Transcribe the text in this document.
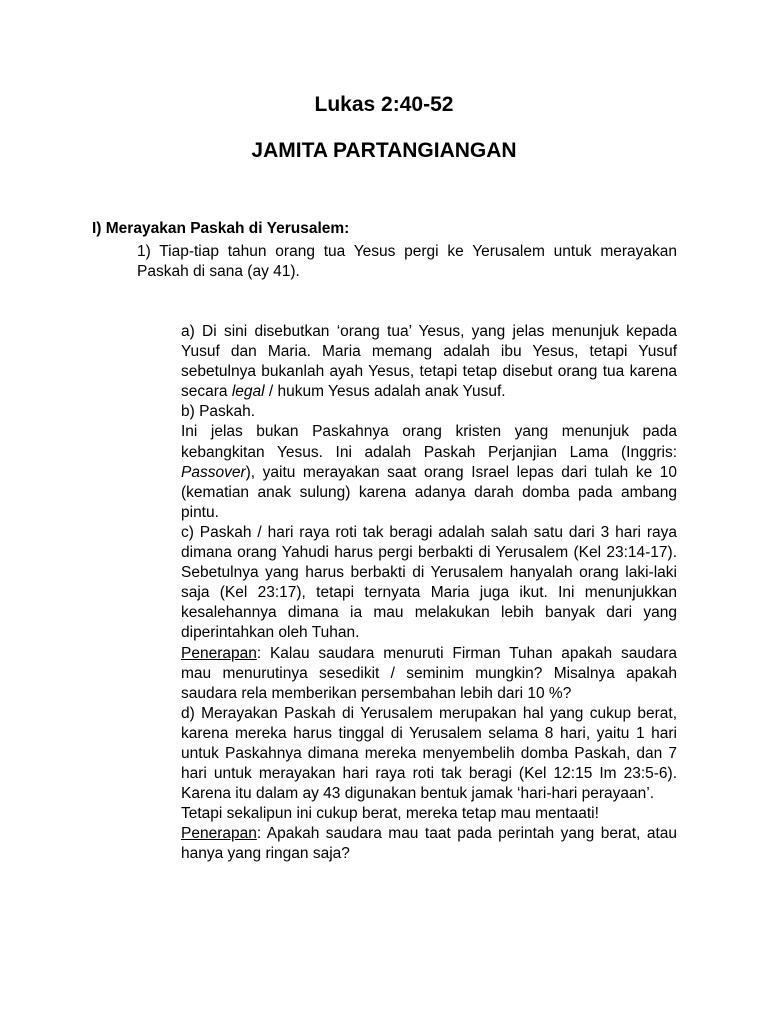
Lukas 2:40-52
JAMITA PARTANGIANGAN
I) Merayakan Paskah di Yerusalem:

1) Tiap-tiap tahun orang tua Yesus pergi ke Yerusalem untuk merayakan Paskah di sana (ay 41).

a) Di sini disebutkan ‘orang tua’ Yesus, yang jelas menunjuk kepada Yusuf dan Maria. Maria memang adalah ibu Yesus, tetapi Yusuf sebetulnya bukanlah ayah Yesus, tetapi tetap disebut orang tua karena secara legal / hukum Yesus adalah anak Yusuf.

b) Paskah.

Ini jelas bukan Paskahnya orang kristen yang menunjuk pada kebangkitan Yesus. Ini adalah Paskah Perjanjian Lama (Inggris: Passover), yaitu merayakan saat orang Israel lepas dari tulah ke 10 (kematian anak sulung) karena adanya darah domba pada ambang pintu.

c) Paskah / hari raya roti tak beragi adalah salah satu dari 3 hari raya dimana orang Yahudi harus pergi berbakti di Yerusalem (Kel 23:14-17). Sebetulnya yang harus berbakti di Yerusalem hanyalah orang laki-laki saja (Kel 23:17), tetapi ternyata Maria juga ikut. Ini menunjukkan kesalehannya dimana ia mau melakukan lebih banyak dari yang diperintahkan oleh Tuhan.

Penerapan: Kalau saudara menuruti Firman Tuhan apakah saudara mau menurutinya sesedikit / seminim mungkin? Misalnya apakah saudara rela memberikan persembahan lebih dari 10 %?

d) Merayakan Paskah di Yerusalem merupakan hal yang cukup berat, karena mereka harus tinggal di Yerusalem selama 8 hari, yaitu 1 hari untuk Paskahnya dimana mereka menyembelih domba Paskah, dan 7 hari untuk merayakan hari raya roti tak beragi (Kel 12:15 Im 23:5-6). Karena itu dalam ay 43 digunakan bentuk jamak ‘hari-hari perayaan’.

Tetapi sekalipun ini cukup berat, mereka tetap mau mentaati!

Penerapan: Apakah saudara mau taat pada perintah yang berat, atau hanya yang ringan saja?
